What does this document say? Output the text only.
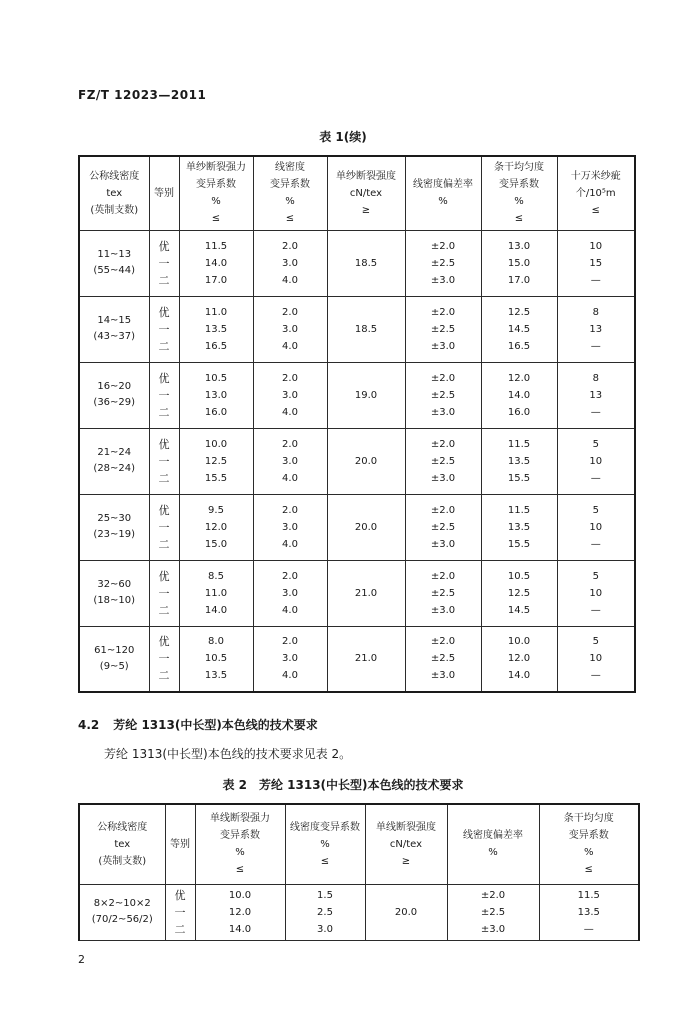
FZ/T 12023—2011
表 1(续)
公称线密度
tex
(英制支数)	等别	单纱断裂强力
变异系数
%
≤	线密度
变异系数
%
≤	单纱断裂强度
cN/tex
≥	线密度偏差率
%	条干均匀度
变异系数
%
≤	十万米纱疵
个/10⁵m
≤

11~13
(55~44)	优
一
二	11.5
14.0
17.0	2.0
3.0
4.0	18.5	±2.0
±2.5
±3.0	13.0
15.0
17.0	10
15
—

14~15
(43~37)	优
一
二	11.0
13.5
16.5	2.0
3.0
4.0	18.5	±2.0
±2.5
±3.0	12.5
14.5
16.5	8
13
—

16~20
(36~29)	优
一
二	10.5
13.0
16.0	2.0
3.0
4.0	19.0	±2.0
±2.5
±3.0	12.0
14.0
16.0	8
13
—

21~24
(28~24)	优
一
二	10.0
12.5
15.5	2.0
3.0
4.0	20.0	±2.0
±2.5
±3.0	11.5
13.5
15.5	5
10
—

25~30
(23~19)	优
一
二	9.5
12.0
15.0	2.0
3.0
4.0	20.0	±2.0
±2.5
±3.0	11.5
13.5
15.5	5
10
—

32~60
(18~10)	优
一
二	8.5
11.0
14.0	2.0
3.0
4.0	21.0	±2.0
±2.5
±3.0	10.5
12.5
14.5	5
10
—

61~120
(9~5)	优
一
二	8.0
10.5
13.5	2.0
3.0
4.0	21.0	±2.0
±2.5
±3.0	10.0
12.0
14.0	5
10
—
4.2 芳纶 1313(中长型)本色线的技术要求
芳纶 1313(中长型)本色线的技术要求见表 2。
表 2　芳纶 1313(中长型)本色线的技术要求
公称线密度
tex
(英制支数)	等别	单线断裂强力
变异系数
%
≤	线密度变异系数
%
≤	单线断裂强度
cN/tex
≥	线密度偏差率
%	条干均匀度
变异系数
%
≤

8×2~10×2
(70/2~56/2)	优
一
二	10.0
12.0
14.0	1.5
2.5
3.0	20.0	±2.0
±2.5
±3.0	11.5
13.5
—
2
